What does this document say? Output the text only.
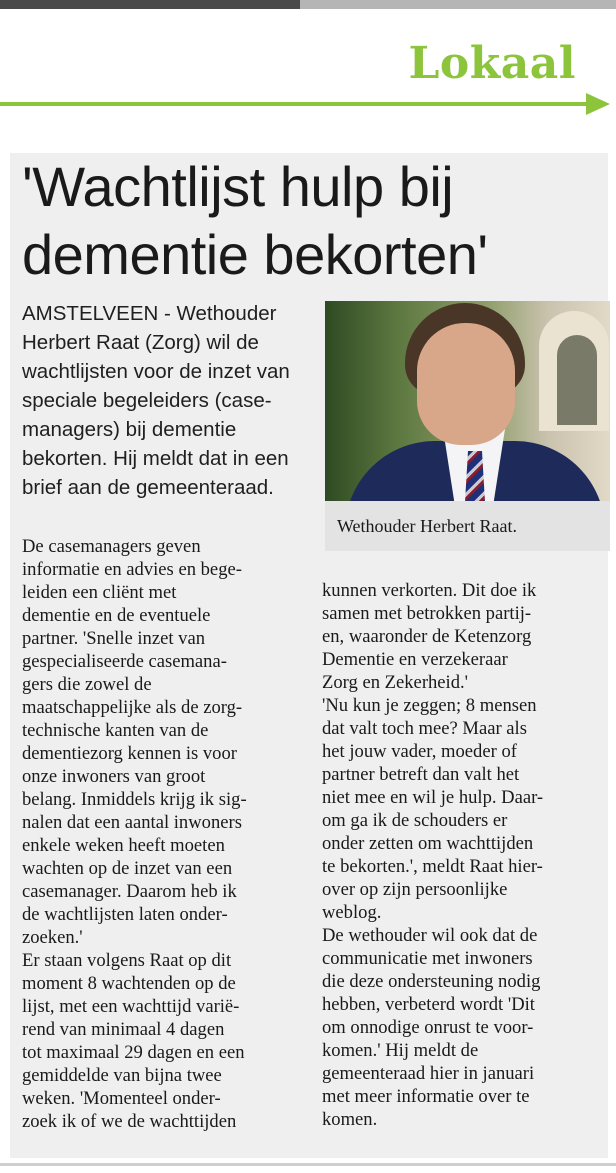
Lokaal
'Wachtlijst hulp bij dementie bekorten'

AMSTELVEEN - Wethouder
Herbert Raat (Zorg) wil de
wachtlijsten voor de inzet van
speciale begeleiders (case-
managers) bij dementie
bekorten. Hij meldt dat in een
brief aan de gemeenteraad.

Wethouder Herbert Raat.

De casemanagers geven
informatie en advies en bege-
leiden een cliënt met
dementie en de eventuele
partner. 'Snelle inzet van
gespecialiseerde casemana-
gers die zowel de
maatschappelijke als de zorg-
technische kanten van de
dementiezorg kennen is voor
onze inwoners van groot
belang. Inmiddels krijg ik sig-
nalen dat een aantal inwoners
enkele weken heeft moeten
wachten op de inzet van een
casemanager. Daarom heb ik
de wachtlijsten laten onder-
zoeken.'
Er staan volgens Raat op dit
moment 8 wachtenden op de
lijst, met een wachttijd varië-
rend van minimaal 4 dagen
tot maximaal 29 dagen en een
gemiddelde van bijna twee
weken. 'Momenteel onder-
zoek ik of we de wachttijden

kunnen verkorten. Dit doe ik
samen met betrokken partij-
en, waaronder de Ketenzorg
Dementie en verzekeraar
Zorg en Zekerheid.'
'Nu kun je zeggen; 8 mensen
dat valt toch mee? Maar als
het jouw vader, moeder of
partner betreft dan valt het
niet mee en wil je hulp. Daar-
om ga ik de schouders er
onder zetten om wachttijden
te bekorten.', meldt Raat hier-
over op zijn persoonlijke
weblog.
De wethouder wil ook dat de
communicatie met inwoners
die deze ondersteuning nodig
hebben, verbeterd wordt 'Dit
om onnodige onrust te voor-
komen.' Hij meldt de
gemeenteraad hier in januari
met meer informatie over te
komen.
